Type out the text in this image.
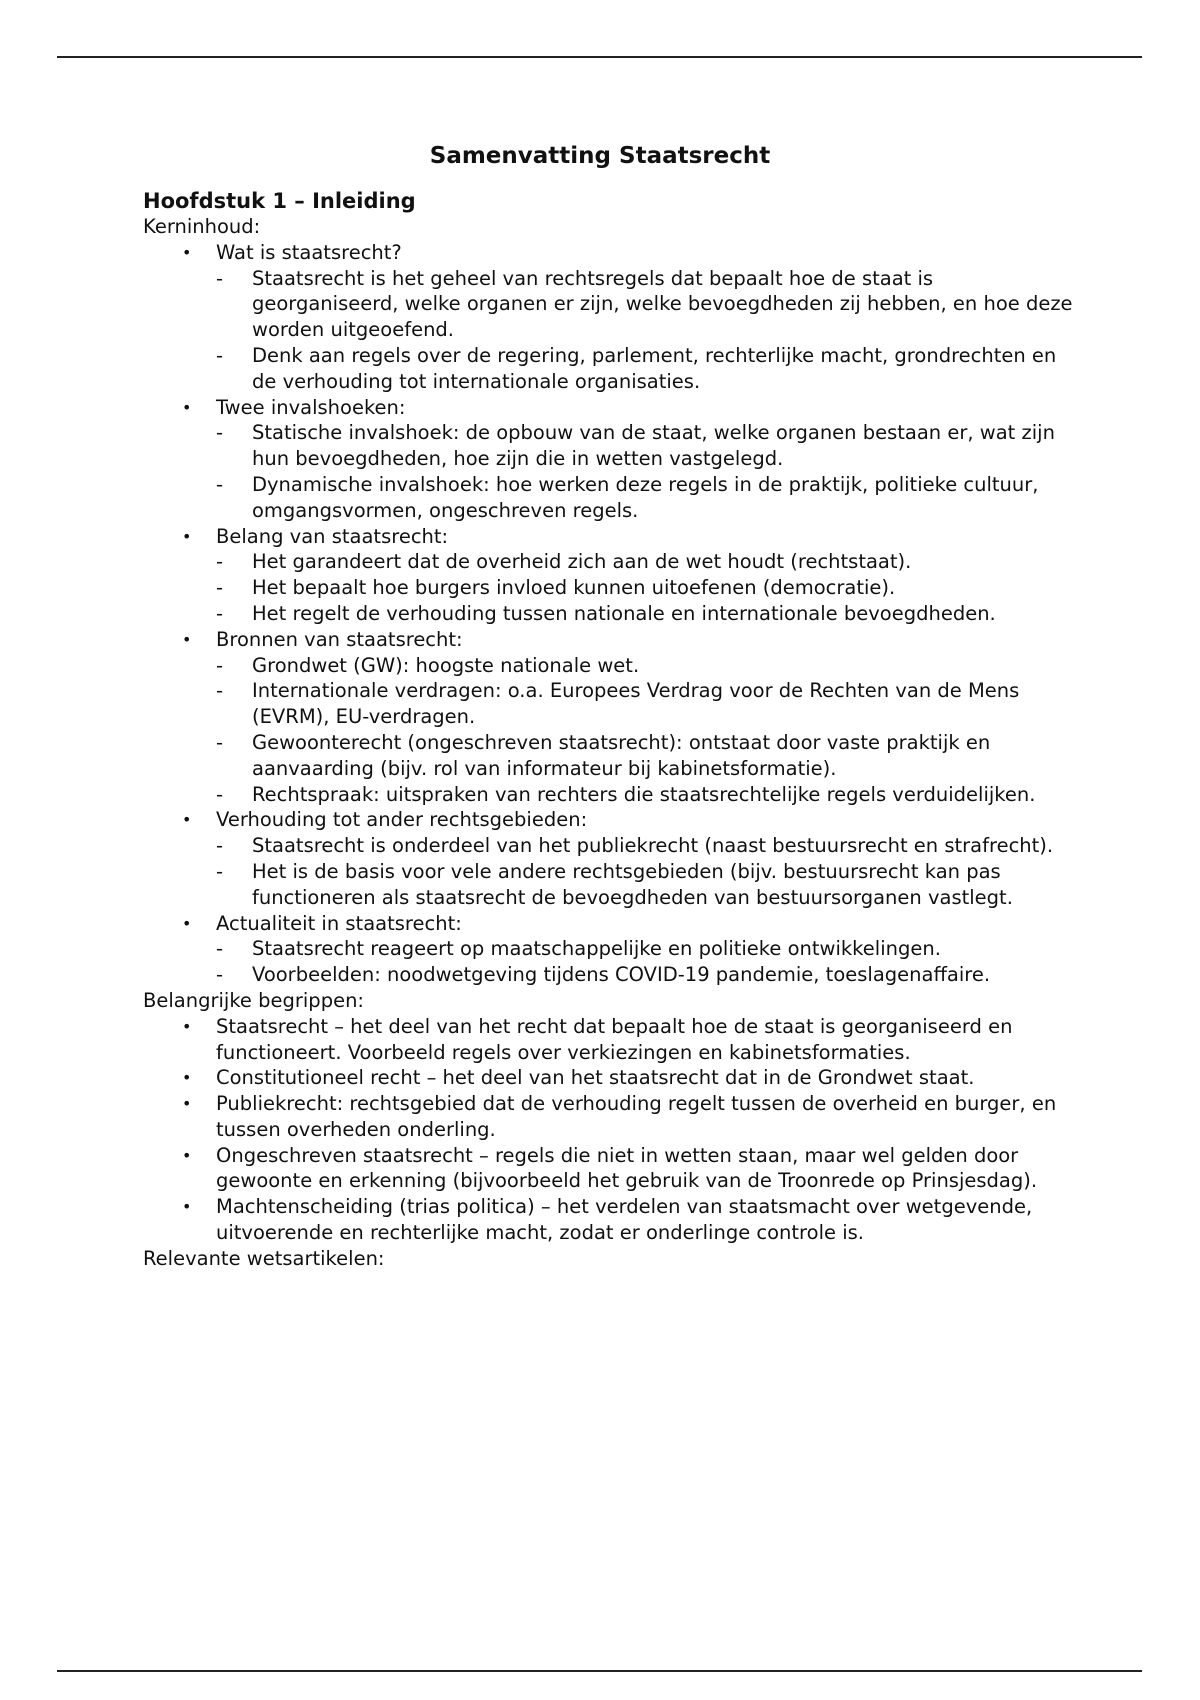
Samenvatting Staatsrecht
Hoofdstuk 1 – Inleiding

Kerninhoud:

• Wat is staatsrecht?
- Staatsrecht is het geheel van rechtsregels dat bepaalt hoe de staat is georganiseerd, welke organen er zijn, welke bevoegdheden zij hebben, en hoe deze worden uitgeoefend.
- Denk aan regels over de regering, parlement, rechterlijke macht, grondrechten en de verhouding tot internationale organisaties.
• Twee invalshoeken:
- Statische invalshoek: de opbouw van de staat, welke organen bestaan er, wat zijn hun bevoegdheden, hoe zijn die in wetten vastgelegd.
- Dynamische invalshoek: hoe werken deze regels in de praktijk, politieke cultuur, omgangsvormen, ongeschreven regels.
• Belang van staatsrecht:
- Het garandeert dat de overheid zich aan de wet houdt (rechtstaat).
- Het bepaalt hoe burgers invloed kunnen uitoefenen (democratie).
- Het regelt de verhouding tussen nationale en internationale bevoegdheden.
• Bronnen van staatsrecht:
- Grondwet (GW): hoogste nationale wet.
- Internationale verdragen: o.a. Europees Verdrag voor de Rechten van de Mens (EVRM), EU-verdragen.
- Gewoonterecht (ongeschreven staatsrecht): ontstaat door vaste praktijk en aanvaarding (bijv. rol van informateur bij kabinetsformatie).
- Rechtspraak: uitspraken van rechters die staatsrechtelijke regels verduidelijken.
• Verhouding tot ander rechtsgebieden:
- Staatsrecht is onderdeel van het publiekrecht (naast bestuursrecht en strafrecht).
- Het is de basis voor vele andere rechtsgebieden (bijv. bestuursrecht kan pas functioneren als staatsrecht de bevoegdheden van bestuursorganen vastlegt.
• Actualiteit in staatsrecht:
- Staatsrecht reageert op maatschappelijke en politieke ontwikkelingen.
- Voorbeelden: noodwetgeving tijdens COVID-19 pandemie, toeslagenaffaire.

Belangrijke begrippen:

• Staatsrecht – het deel van het recht dat bepaalt hoe de staat is georganiseerd en functioneert. Voorbeeld regels over verkiezingen en kabinetsformaties.
• Constitutioneel recht – het deel van het staatsrecht dat in de Grondwet staat.
• Publiekrecht: rechtsgebied dat de verhouding regelt tussen de overheid en burger, en tussen overheden onderling.
• Ongeschreven staatsrecht – regels die niet in wetten staan, maar wel gelden door gewoonte en erkenning (bijvoorbeeld het gebruik van de Troonrede op Prinsjesdag).
• Machtenscheiding (trias politica) – het verdelen van staatsmacht over wetgevende, uitvoerende en rechterlijke macht, zodat er onderlinge controle is.

Relevante wetsartikelen:
